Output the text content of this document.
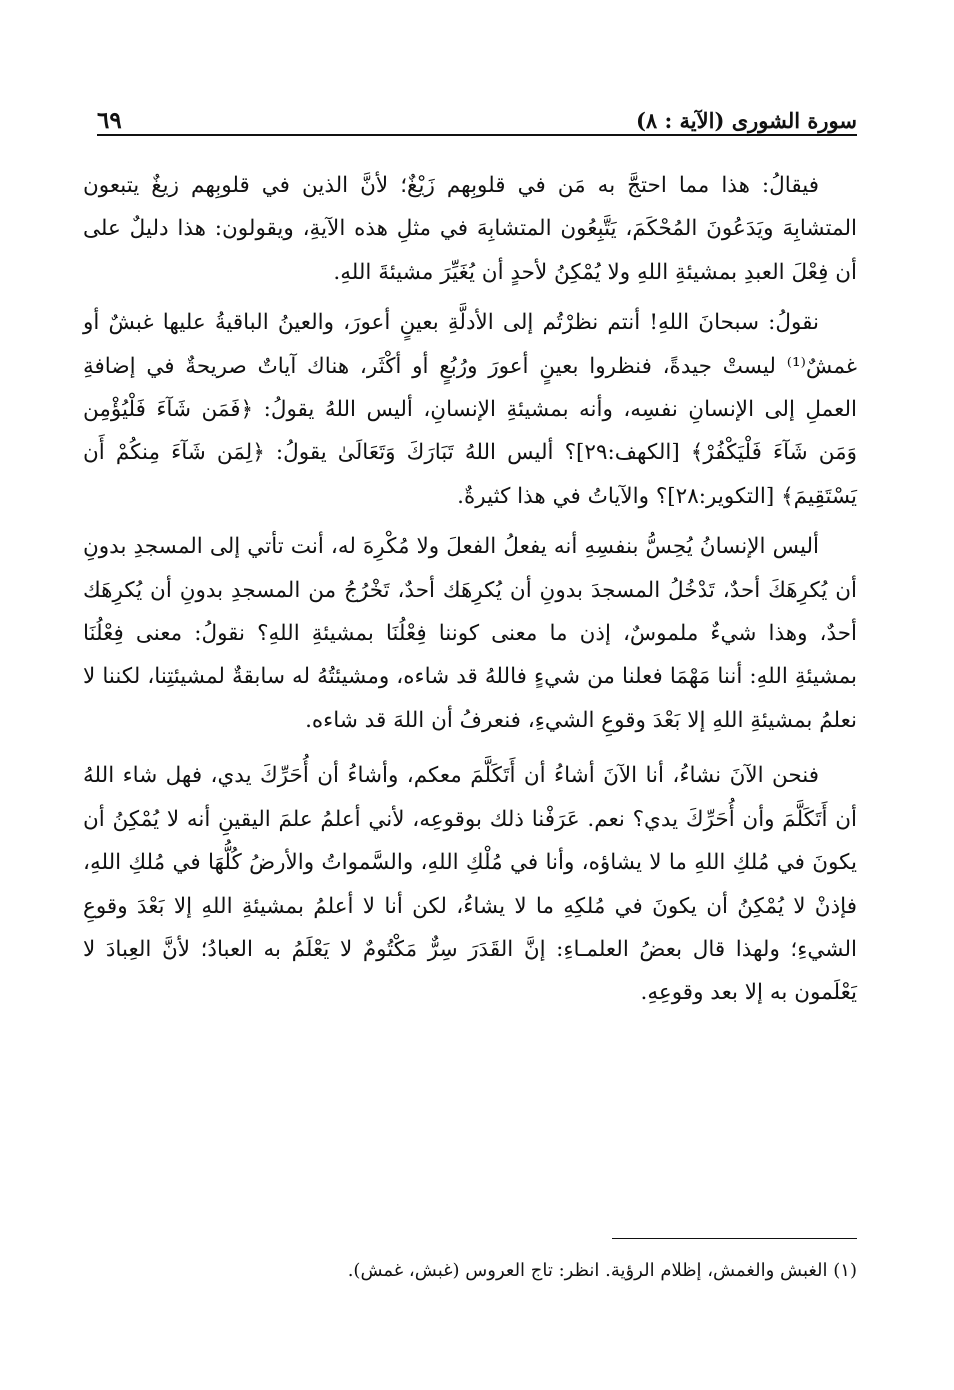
سورة الشورى (الآية : ٨)
٦٩

فيقالُ: هذا مما احتجَّ به مَن في قلوبِهم زَيْغٌ؛ لأنَّ الذين في قلوبِهم زيغٌ يتبعون المتشابِهَ ويَدَعُونَ المُحْكَمَ، يَتَّبِعُون المتشابِهَ في مثلِ هذه الآيةِ، ويقولون: هذا دليلٌ على أن فِعْلَ العبدِ بمشيئةِ اللهِ ولا يُمْكِنُ لأحدٍ أن يُغَيِّرَ مشيئةَ اللهِ.

نقولُ: سبحانَ اللهِ! أنتم نظرْتُم إلى الأدلَّةِ بعينٍ أعورَ، والعينُ الباقيةُ عليها غبشٌ أو غمشٌ⁽¹⁾ ليستْ جيدةً، فنظروا بعينٍ أعورَ ورُبُعٍ أو أكْثَر، هناك آياتٌ صريحةٌ في إضافةِ العملِ إلى الإنسانِ نفسِه، وأنه بمشيئةِ الإنسانِ، أليس اللهُ يقولُ: ﴿فَمَن شَآءَ فَلْيُؤْمِن وَمَن شَآءَ فَلْيَكْفُرْ﴾ [الكهف:٢٩]؟ أليس اللهُ تَبَارَكَ وَتَعَالَىٰ يقولُ: ﴿لِمَن شَآءَ مِنكُمْ أَن يَسْتَقِيمَ﴾ [التكوير:٢٨]؟ والآياتُ في هذا كثيرةٌ.

أليس الإنسانُ يُحِسُّ بنفسِهِ أنه يفعلُ الفعلَ ولا مُكْرِهَ له، أنت تأتي إلى المسجدِ بدونِ أن يُكرِهَكَ أحدٌ، تَدْخُلُ المسجدَ بدونِ أن يُكرِهَك أحدٌ، تَخْرُجُ من المسجدِ بدونِ أن يُكرِهَك أحدٌ، وهذا شيءٌ ملموسٌ، إذن ما معنى كوننا فِعْلُنَا بمشيئةِ اللهِ؟ نقولُ: معنى فِعْلُنَا بمشيئةِ اللهِ: أننا مَهْمَا فعلنا من شيءٍ فاللهُ قد شاءه، ومشيئتُهُ له سابقةٌ لمشيئتِنا، لكننا لا نعلمُ بمشيئةِ اللهِ إلا بَعْدَ وقوعِ الشيءِ، فنعرفُ أن اللهَ قد شاءه.

فنحن الآنَ نشاءُ، أنا الآنَ أشاءُ أن أَتَكَلَّمَ معكم، وأشاءُ أن أُحَرِّكَ يدي، فهل شاء اللهُ أن أَتَكَلَّمَ وأن أُحَرِّكَ يدي؟ نعم. عَرَفْنا ذلك بوقوعِه، لأني أعلمُ علمَ اليقينِ أنه لا يُمْكِنُ أن يكونَ في مُلكِ اللهِ ما لا يشاؤه، وأنا في مُلْكِ اللهِ، والسَّمواتُ والأرضُ كُلُّهَا في مُلكِ اللهِ، فإذنْ لا يُمْكِنُ أن يكونَ في مُلكِهِ ما لا يشاءُ، لكن أنا لا أعلمُ بمشيئةِ اللهِ إلا بَعْدَ وقوعِ الشيءِ؛ ولهذا قال بعضُ العلمـاءِ: إنَّ القَدَرَ سِرٌّ مَكْتُومٌ لا يَعْلَمُ به العبادُ؛ لأنَّ العِبادَ لا يَعْلَمون به إلا بعد وقوعِهِ.

(١) الغبش والغمش، إظلام الرؤية. انظر: تاج العروس (غبش، غمش).
